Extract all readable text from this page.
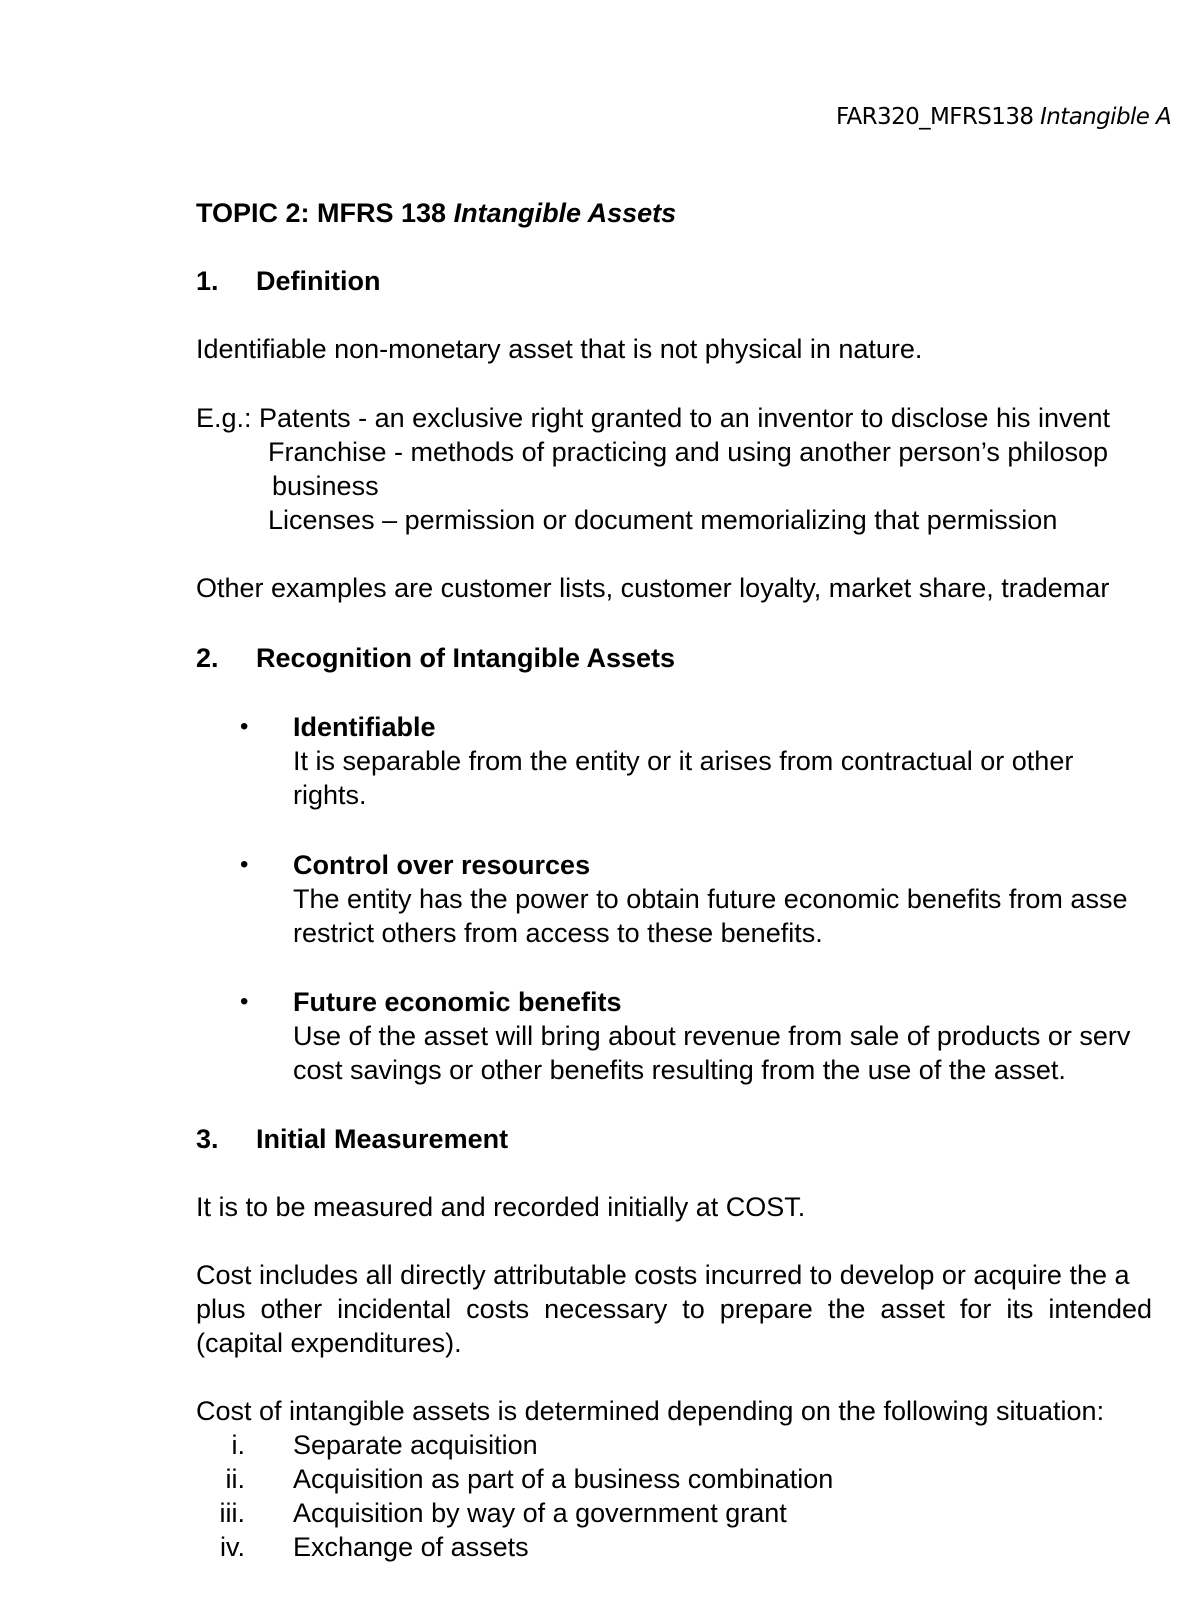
FAR320_MFRS138 Intangible A
TOPIC 2: MFRS 138 Intangible Assets
1. Definition
Identifiable non-monetary asset that is not physical in nature.
E.g.: Patents - an exclusive right granted to an inventor to disclose his invent
Franchise - methods of practicing and using another person’s philosop
business
Licenses – permission or document memorializing that permission
Other examples are customer lists, customer loyalty, market share, trademar
2. Recognition of Intangible Assets
• Identifiable
It is separable from the entity or it arises from contractual or other
rights.
• Control over resources
The entity has the power to obtain future economic benefits from asse
restrict others from access to these benefits.
• Future economic benefits
Use of the asset will bring about revenue from sale of products or serv
cost savings or other benefits resulting from the use of the asset.
3. Initial Measurement
It is to be measured and recorded initially at COST.
Cost includes all directly attributable costs incurred to develop or acquire the a
plus  other  incidental  costs  necessary  to  prepare  the  asset  for  its  intended
(capital expenditures).
Cost of intangible assets is determined depending on the following situation:
i. Separate acquisition
ii. Acquisition as part of a business combination
iii. Acquisition by way of a government grant
iv. Exchange of assets
